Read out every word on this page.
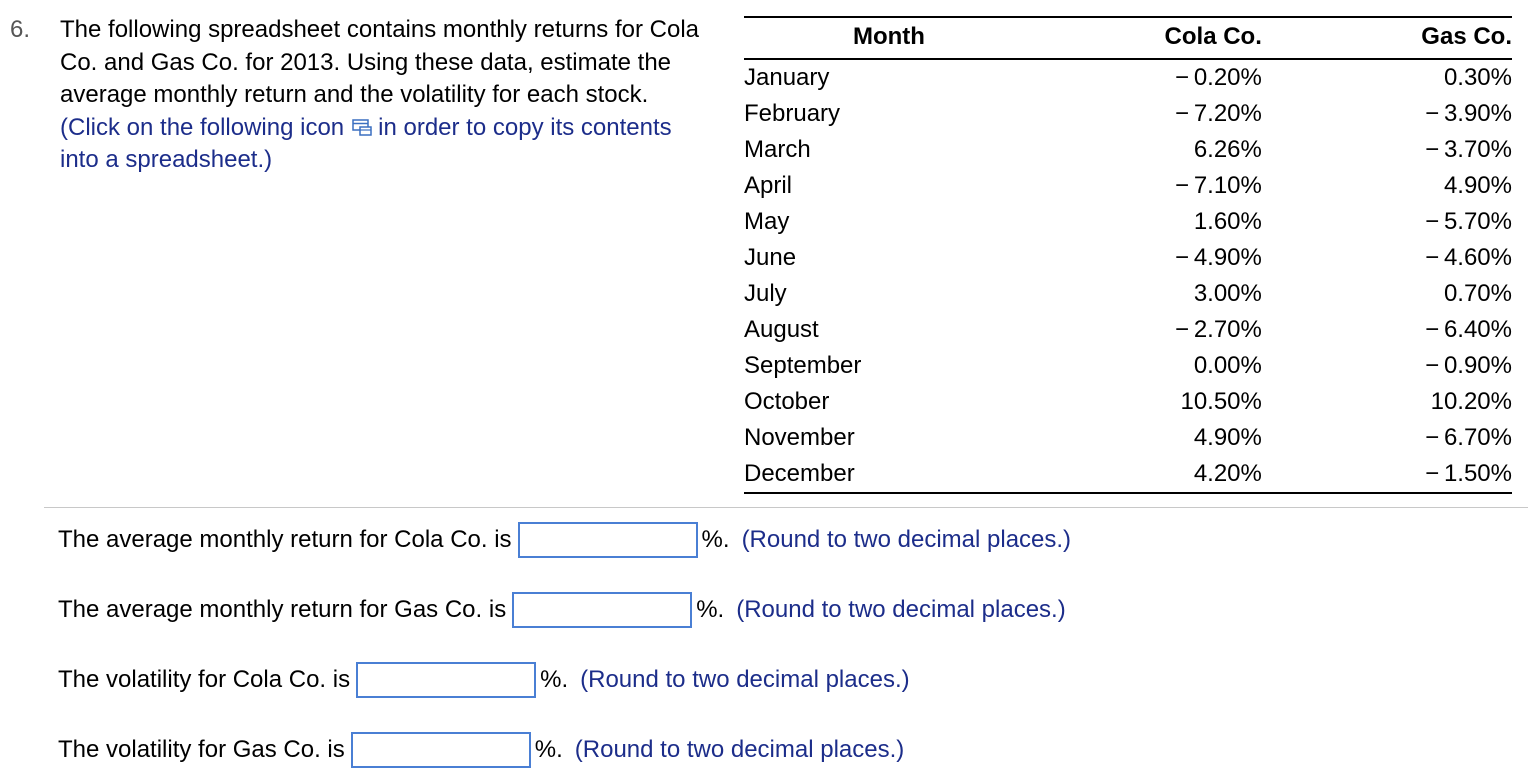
6. The following spreadsheet contains monthly returns for Cola Co. and Gas Co. for 2013. Using these data, estimate the average monthly return and the volatility for each stock. (Click on the following icon in order to copy its contents into a spreadsheet.)
Month	Cola Co.	Gas Co.
January	− 0.20%	0.30%
February	− 7.20%	− 3.90%
March	6.26%	− 3.70%
April	− 7.10%	4.90%
May	1.60%	− 5.70%
June	− 4.90%	− 4.60%
July	3.00%	0.70%
August	− 2.70%	− 6.40%
September	0.00%	− 0.90%
October	10.50%	10.20%
November	4.90%	− 6.70%
December	4.20%	− 1.50%
The average monthly return for Cola Co. is	%. (Round to two decimal places.)
The average monthly return for Gas Co. is	%. (Round to two decimal places.)
The volatility for Cola Co. is	%. (Round to two decimal places.)
The volatility for Gas Co. is	%. (Round to two decimal places.)
